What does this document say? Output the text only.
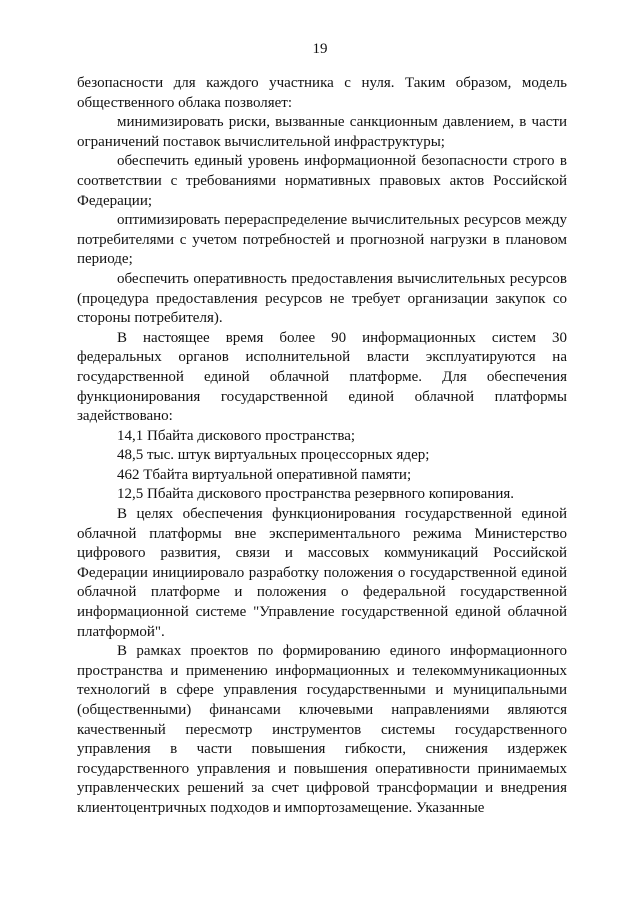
19

безопасности для каждого участника с нуля. Таким образом, модель общественного облака позволяет:

минимизировать риски, вызванные санкционным давлением, в части ограничений поставок вычислительной инфраструктуры;

обеспечить единый уровень информационной безопасности строго в соответствии с требованиями нормативных правовых актов Российской Федерации;

оптимизировать перераспределение вычислительных ресурсов между потребителями с учетом потребностей и прогнозной нагрузки в плановом периоде;

обеспечить оперативность предоставления вычислительных ресурсов (процедура предоставления ресурсов не требует организации закупок со стороны потребителя).

В настоящее время более 90 информационных систем 30 федеральных органов исполнительной власти эксплуатируются на государственной единой облачной платформе. Для обеспечения функционирования государственной единой облачной платформы задействовано:

14,1 Пбайта дискового пространства;

48,5 тыс. штук виртуальных процессорных ядер;

462 Тбайта виртуальной оперативной памяти;

12,5 Пбайта дискового пространства резервного копирования.

В целях обеспечения функционирования государственной единой облачной платформы вне экспериментального режима Министерство цифрового развития, связи и массовых коммуникаций Российской Федерации инициировало разработку положения о государственной единой облачной платформе и положения о федеральной государственной информационной системе "Управление государственной единой облачной платформой".

В рамках проектов по формированию единого информационного пространства и применению информационных и телекоммуникационных технологий в сфере управления государственными и муниципальными (общественными) финансами ключевыми направлениями являются качественный пересмотр инструментов системы государственного управления в части повышения гибкости, снижения издержек государственного управления и повышения оперативности принимаемых управленческих решений за счет цифровой трансформации и внедрения клиентоцентричных подходов и импортозамещение. Указанные
